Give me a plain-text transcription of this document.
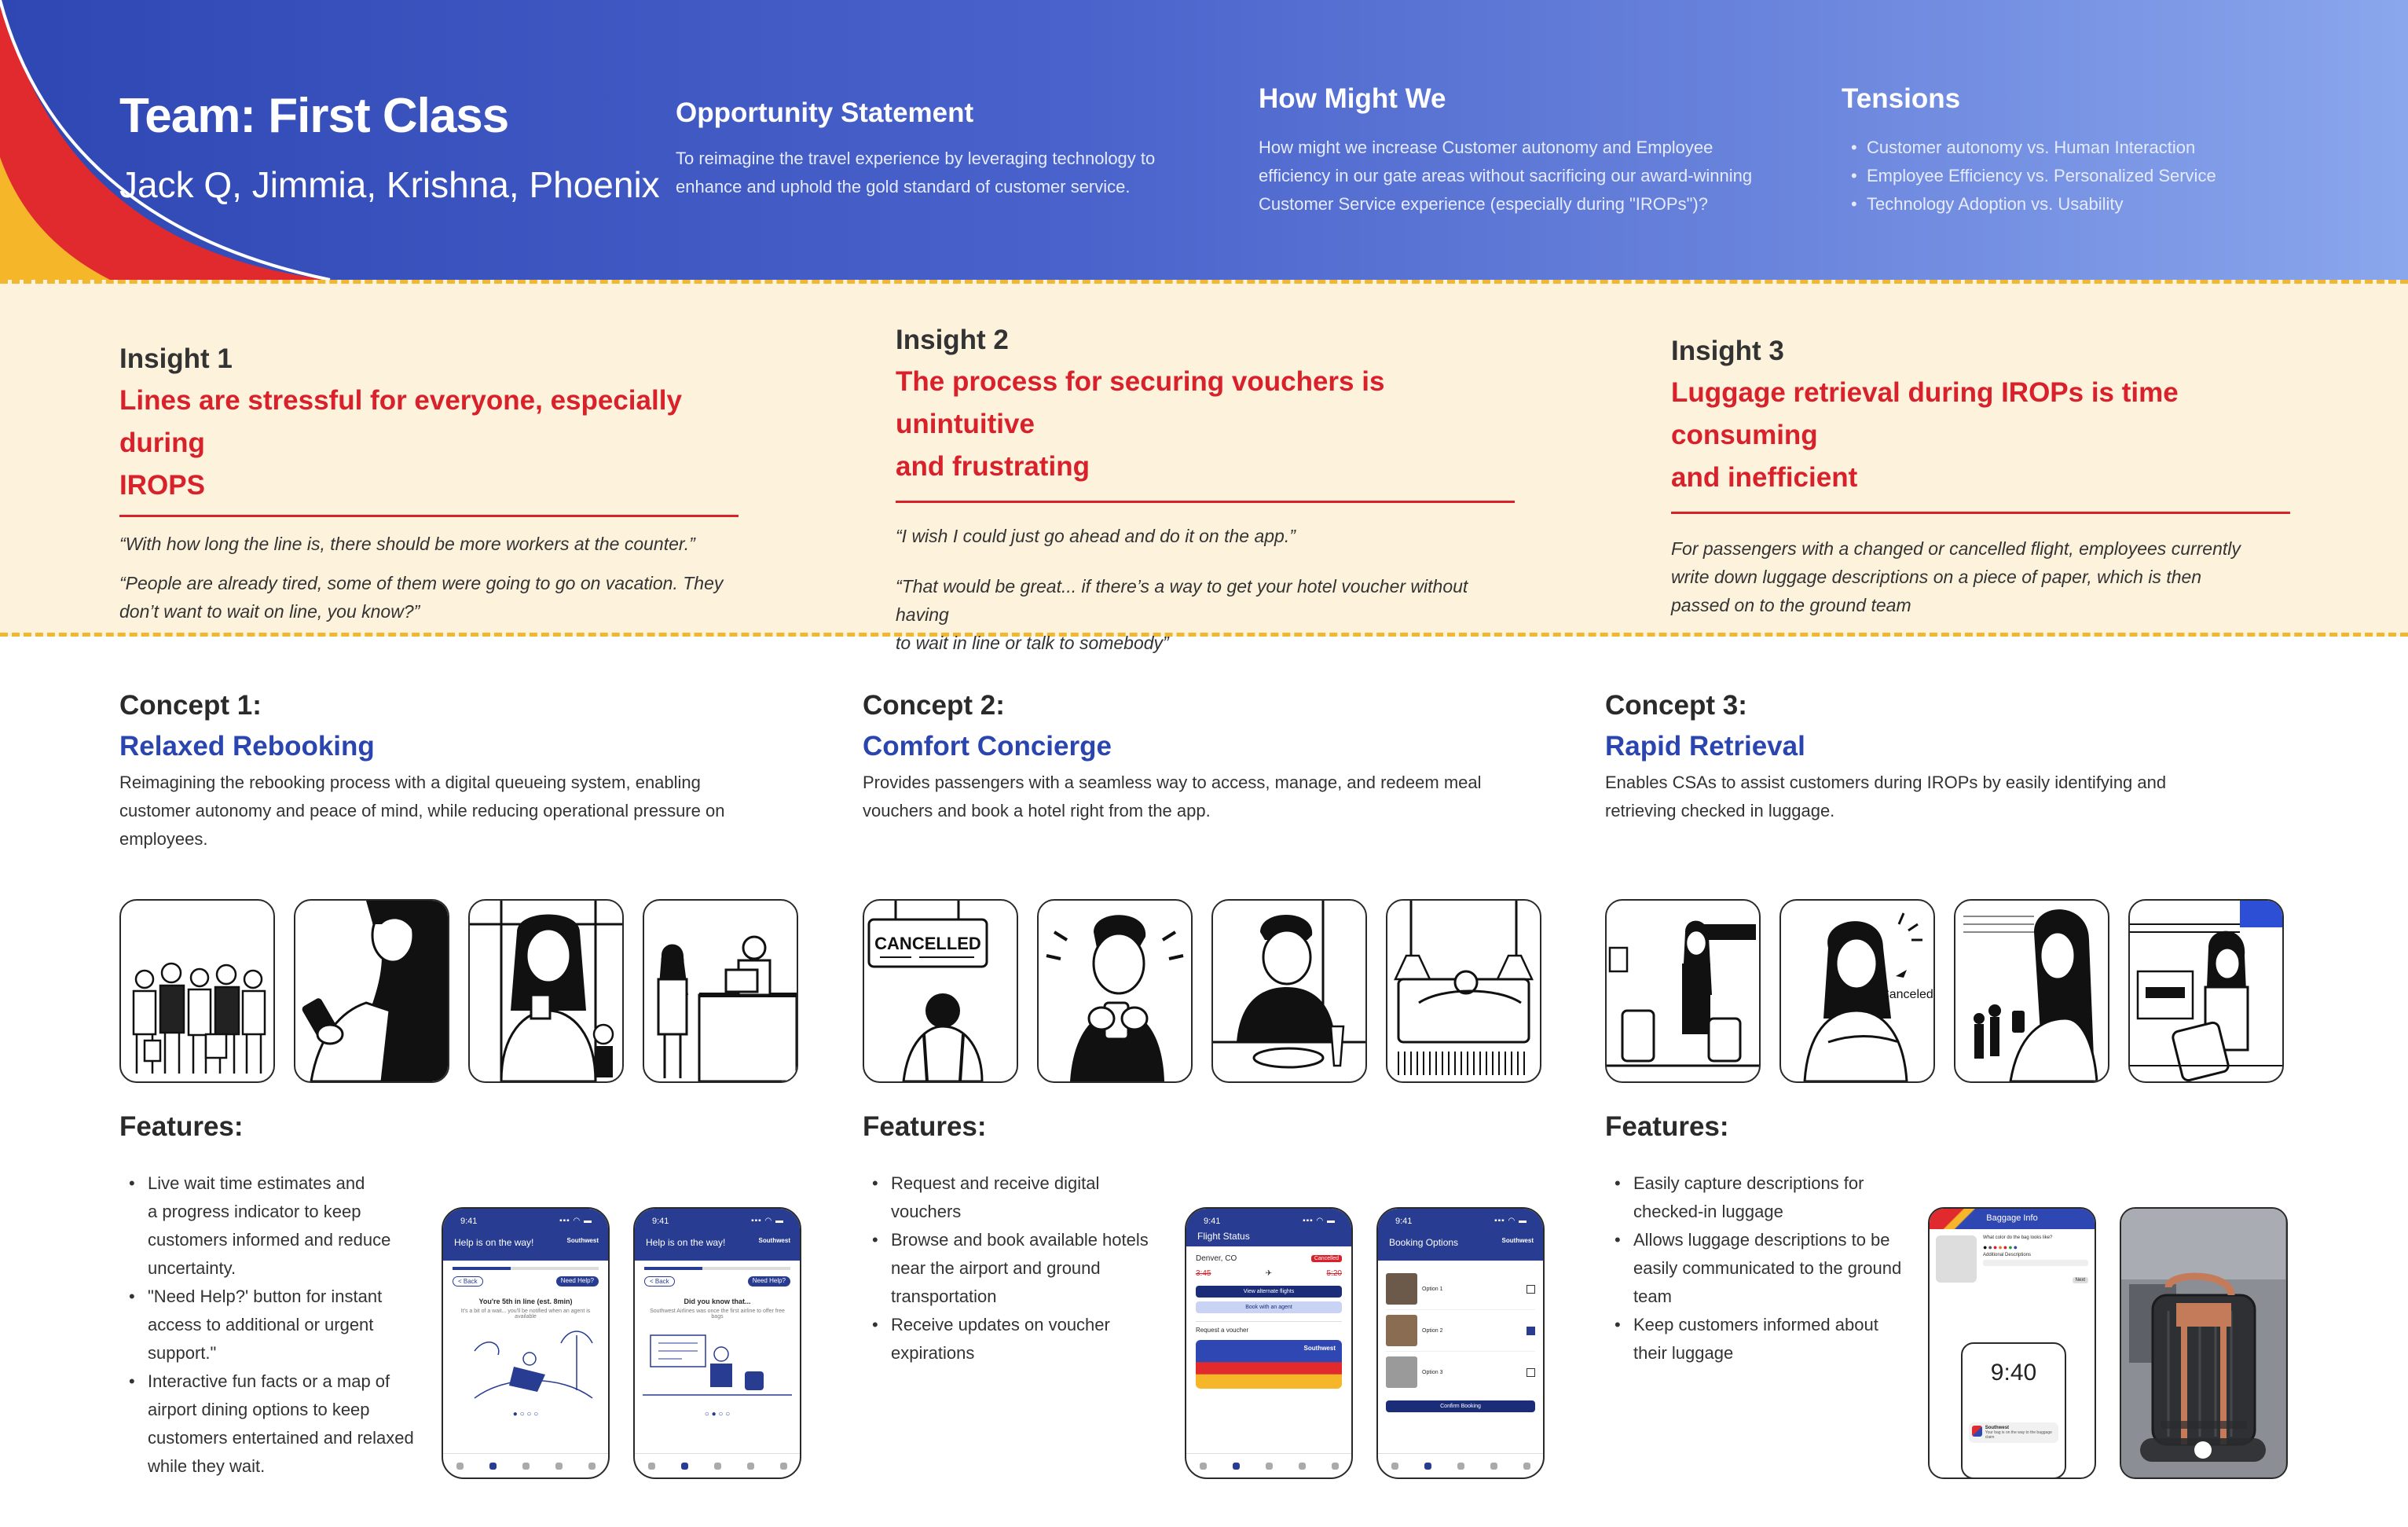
Team: First Class
Jack Q, Jimmia, Krishna, Phoenix
Opportunity Statement
To reimagine the travel experience by leveraging technology to
enhance and uphold the gold standard of customer service.
How Might We
How might we increase Customer autonomy and Employee
efficiency in our gate areas without sacrificing our award-winning
Customer Service experience (especially during "IROPs")?
Tensions
• Customer autonomy vs. Human Interaction
• Employee Efficiency vs. Personalized Service
• Technology Adoption vs. Usability
Insight 1
Lines are stressful for everyone, especially during
IROPS
“With how long the line is, there should be more workers at the counter.”
“People are already tired, some of them were going to go on vacation. They
don’t want to wait on line, you know?”
Insight 2
The process for securing vouchers is unintuitive
and frustrating
“I wish I could just go ahead and do it on the app.”
“That would be great... if there’s a way to get your hotel voucher without having
to wait in line or talk to somebody”
Insight 3
Luggage retrieval during IROPs is time consuming
and inefficient
For passengers with a changed or cancelled flight, employees currently
write down luggage descriptions on a piece of paper, which is then
passed on to the ground team
Concept 1:
Relaxed Rebooking
Reimagining the rebooking process with a digital queueing system, enabling
customer autonomy and peace of mind, while reducing operational pressure on
employees.
Concept 2:
Comfort Concierge
Provides passengers with a seamless way to access, manage, and redeem meal
vouchers and book a hotel right from the app.
Concept 3:
Rapid Retrieval
Enables CSAs to assist customers during IROPs by easily identifying and
retrieving checked in luggage.
CANCELLED
Canceled
Features:	Features:	Features:
• Live wait time estimates and
a progress indicator to keep
customers informed and reduce
uncertainty.
• "Need Help?' button for instant
access to additional or urgent
support."
• Interactive fun facts or a map of
airport dining options to keep
customers entertained and relaxed
while they wait.
• Request and receive digital
vouchers
• Browse and book available hotels
near the airport and ground
transportation
• Receive updates on voucher
expirations
• Easily capture descriptions for
checked-in luggage
• Allows luggage descriptions to be
easily communicated to the ground
team
• Keep customers informed about
their luggage
9:41	▪▪▪ ◠ ▬
Help is on the way!	Southwest
< Back	Need Help?
You're 5th in line (est. 8min)
It's a bit of a wait... you'll be notified when an agent is available
● ○ ○ ○
9:41	▪▪▪ ◠ ▬
Help is on the way!	Southwest
< Back	Need Help?
Did you know that...
Southwest Airlines was once the first airline to offer free bags
○ ● ○ ○
9:41	▪▪▪ ◠ ▬
Flight Status
Denver, CO	Cancelled
3:45	✈	5:20
View alternate flights
Book with an agent
Request a voucher
Southwest
9:41	▪▪▪ ◠ ▬
Booking Options	Southwest
Option 1
Option 2
Option 3
Confirm Booking
Baggage Info
What color do the bag looks like?
●●●●●●●
Additional Descriptions
Next
9:40
Southwest
Your bag is on the way to the baggage claim
